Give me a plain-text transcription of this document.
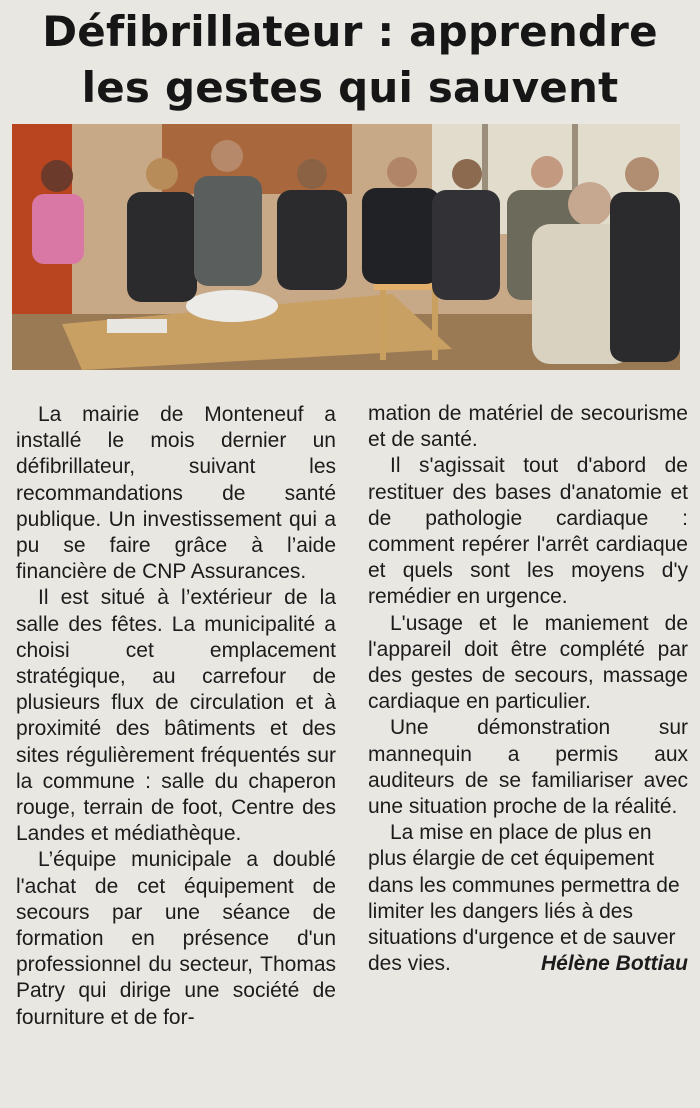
Défibrillateur : apprendre
les gestes qui sauvent

La mairie de Monteneuf a installé le mois dernier un défibrillateur, suivant les recommandations de santé publique. Un investissement qui a pu se faire grâce à l’aide financière de CNP Assurances.

Il est situé à l’extérieur de la salle des fêtes. La municipalité a choisi cet emplacement stratégique, au carrefour de plusieurs flux de circulation et à proximité des bâtiments et des sites régulièrement fréquentés sur la commune : salle du chaperon rouge, terrain de foot, Centre des Landes et médiathèque.

L’équipe municipale a doublé l'achat de cet équipement de secours par une séance de formation en présence d'un professionnel du secteur, Thomas Patry qui dirige une société de fourniture et de for-

mation de matériel de secourisme et de santé.

Il s'agissait tout d'abord de restituer des bases d'anatomie et de pathologie cardiaque : comment repérer l'arrêt cardiaque et quels sont les moyens d'y remédier en urgence.

L'usage et le maniement de l'appareil doit être complété par des gestes de secours, massage cardiaque en particulier.

Une démonstration sur mannequin a permis aux auditeurs de se familiariser avec une situation proche de la réalité.

La mise en place de plus en plus élargie de cet équipement dans les communes permettra de limiter les dangers liés à des situations d'urgence et de sauver des vies.	Hélène Bottiau
